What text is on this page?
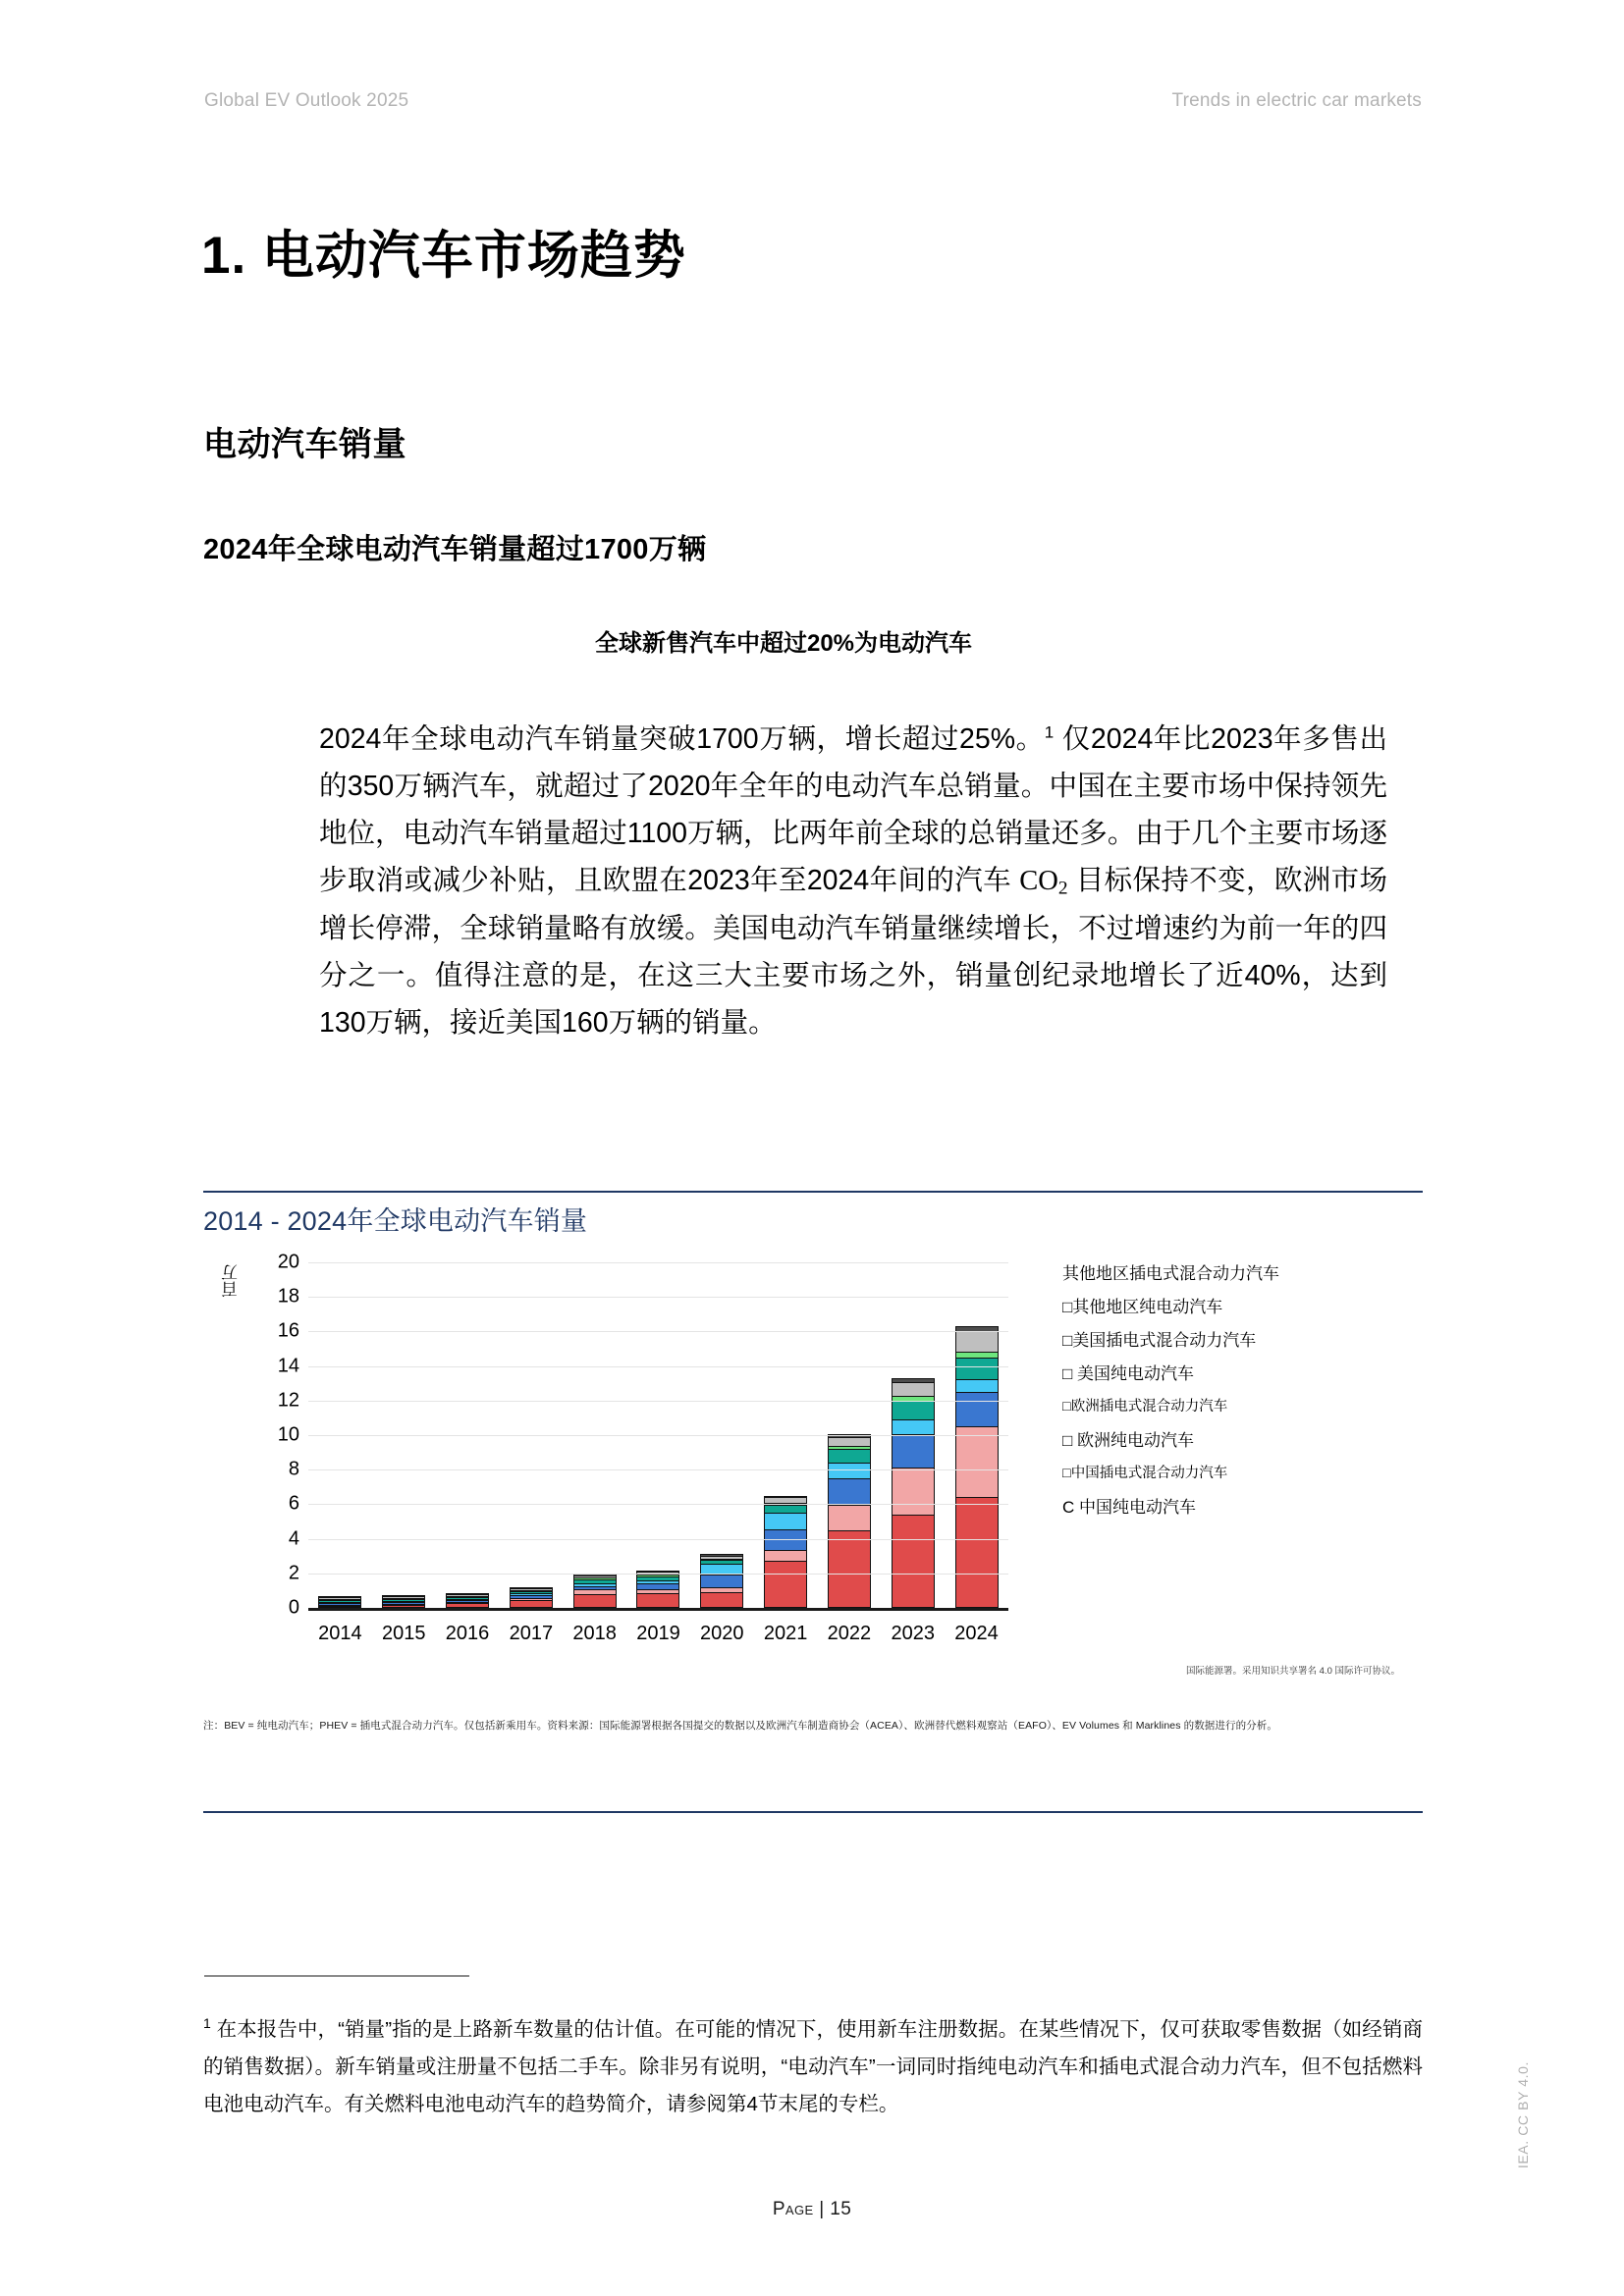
Global EV Outlook 2025	Trends in electric car markets
1. 电动汽车市场趋势
电动汽车销量
2024年全球电动汽车销量超过1700万辆
全球新售汽车中超过20%为电动汽车

2024年全球电动汽车销量突破1700万辆，增长超过25%。$^1$ 仅2024年比2023年多售出的350万辆汽车，就超过了2020年全年的电动汽车总销量。中国在主要市场中保持领先地位，电动汽车销量超过1100万辆，比两年前全球的总销量还多。由于几个主要市场逐步取消或减少补贴，且欧盟在2023年至2024年间的汽车 $CO_2$ 目标保持不变，欧洲市场增长停滞，全球销量略有放缓。美国电动汽车销量继续增长，不过增速约为前一年的四分之一。值得注意的是，在这三大主要市场之外，销量创纪录地增长了近40%，达到130万辆，接近美国160万辆的销量。

2014 - 2024年全球电动汽车销量
百万
0
2
4
6
8
10
12
14
16
18
20
2014	2015	2016	2017	2018	2019	2020	2021	2022	2023	2024
其他地区插电式混合动力汽车
□其他地区纯电动汽车
□美国插电式混合动力汽车
□ 美国纯电动汽车
□欧洲插电式混合动力汽车
□ 欧洲纯电动汽车
□中国插电式混合动力汽车
C 中国纯电动汽车
国际能源署。采用知识共享署名 4.0 国际许可协议。
注：BEV = 纯电动汽车；PHEV = 插电式混合动力汽车。仅包括新乘用车。资料来源：国际能源署根据各国提交的数据以及欧洲汽车制造商协会（ACEA）、欧洲替代燃料观察站（EAFO）、EV Volumes 和 Marklines 的数据进行的分析。

$^1$ 在本报告中，“销量”指的是上路新车数量的估计值。在可能的情况下，使用新车注册数据。在某些情况下，仅可获取零售数据（如经销商的销售数据）。新车销量或注册量不包括二手车。除非另有说明，“电动汽车”一词同时指纯电动汽车和插电式混合动力汽车，但不包括燃料电池电动汽车。有关燃料电池电动汽车的趋势简介，请参阅第4节末尾的专栏。

Page | 15
IEA. CC BY 4.0.
